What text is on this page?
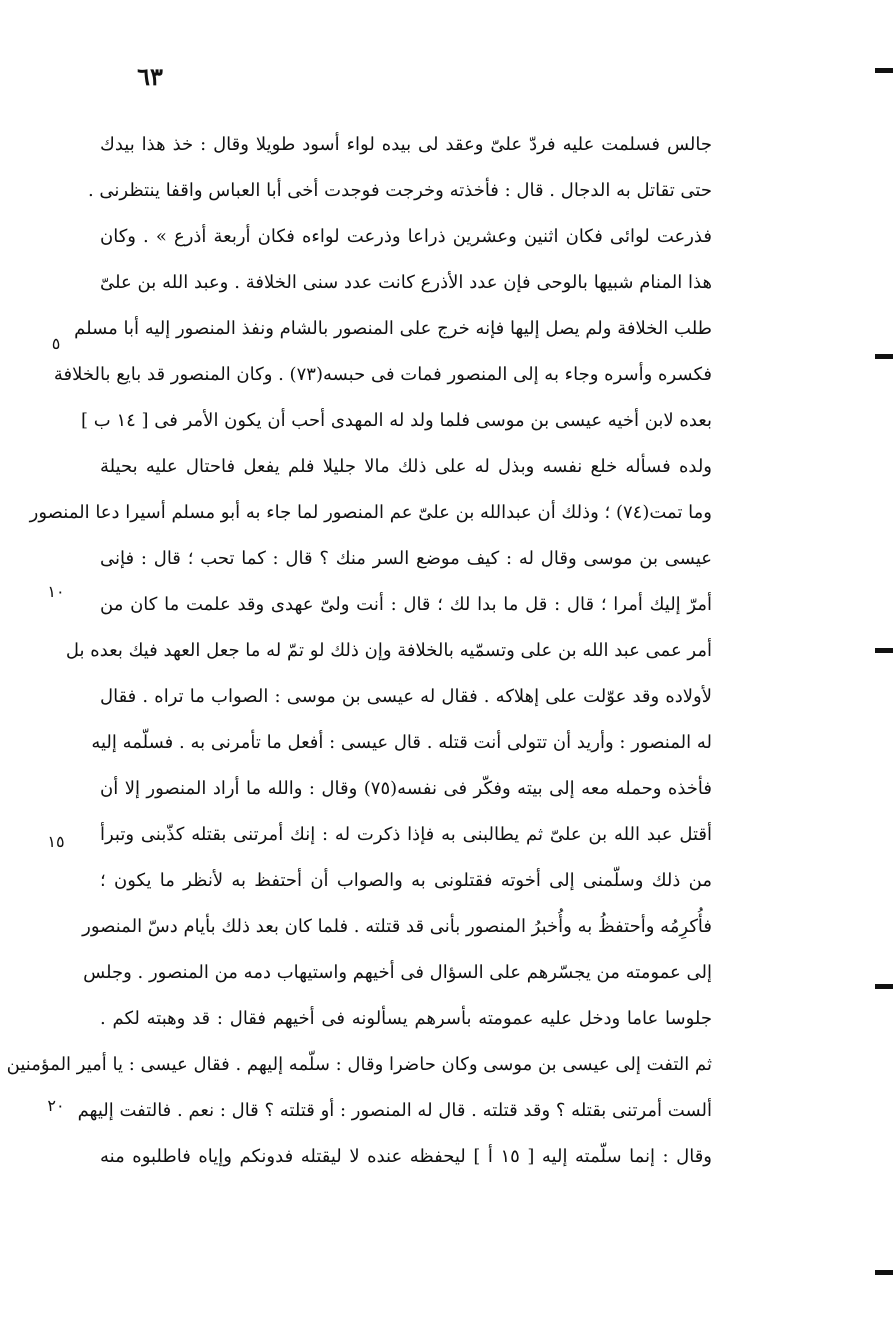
٦٣
جالس فسلمت عليه فردّ علىّ وعقد لى بيده لواء أسود طويلا وقال : خذ هذا بيدك
حتى تقاتل به الدجال . قال : فأخذته وخرجت فوجدت أخى أبا العباس واقفا ينتظرنى .
فذرعت لوائى فكان اثنين وعشرين ذراعا وذرعت لواءه فكان أربعة أذرع » . وكان
هذا المنام شبيها بالوحى فإن عدد الأذرع كانت عدد سنى الخلافة . وعبد الله بن علىّ
طلب الخلافة ولم يصل إليها فإنه خرج على المنصور بالشام ونفذ المنصور إليه أبا مسلم
فكسره وأسره وجاء به إلى المنصور فمات فى حبسه(٧٣) . وكان المنصور قد بايع بالخلافة
بعده لابن أخيه عيسى بن موسى فلما ولد له المهدى أحب أن يكون الأمر فى [ ١٤ ب ]
ولده فسأله خلع نفسه وبذل له على ذلك مالا جليلا فلم يفعل فاحتال عليه بحيلة
وما تمت(٧٤) ؛ وذلك أن عبدالله بن علىّ عم المنصور لما جاء به أبو مسلم أسيرا دعا المنصور
عيسى بن موسى وقال له : كيف موضع السر منك ؟ قال : كما تحب ؛ قال : فإنى
أمرّ إليك أمرا ؛ قال : قل ما بدا لك ؛ قال : أنت ولىّ عهدى وقد علمت ما كان من
أمر عمى عبد الله بن على وتسمّيه بالخلافة وإن ذلك لو تمّ له ما جعل العهد فيك بعده بل
لأولاده وقد عوّلت على إهلاكه . فقال له عيسى بن موسى : الصواب ما تراه . فقال
له المنصور : وأريد أن تتولى أنت قتله . قال عيسى : أفعل ما تأمرنى به . فسلّمه إليه
فأخذه وحمله معه إلى بيته وفكّر فى نفسه(٧٥) وقال : والله ما أراد المنصور إلا أن
أقتل عبد الله بن علىّ ثم يطالبنى به فإذا ذكرت له : إنك أمرتنى بقتله كذّبنى وتبرأ
من ذلك وسلّمنى إلى أخوته فقتلونى به والصواب أن أحتفظ به لأنظر ما يكون ؛
فأُكرِمُه وأحتفظُ به وأُخبرُ المنصور بأنى قد قتلته . فلما كان بعد ذلك بأيام دسّ المنصور
إلى عمومته من يجسّرهم على السؤال فى أخيهم واستيهاب دمه من المنصور . وجلس
جلوسا عاما ودخل عليه عمومته بأسرهم يسألونه فى أخيهم فقال : قد وهبته لكم .
ثم التفت إلى عيسى بن موسى وكان حاضرا وقال : سلّمه إليهم . فقال عيسى : يا أمير المؤمنين
ألست أمرتنى بقتله ؟ وقد قتلته . قال له المنصور : أو قتلته ؟ قال : نعم . فالتفت إليهم
وقال : إنما سلّمته إليه [ ١٥ أ ] ليحفظه عنده لا ليقتله فدونكم وإياه فاطلبوه منه
٥
١٠
١٥
٢٠
